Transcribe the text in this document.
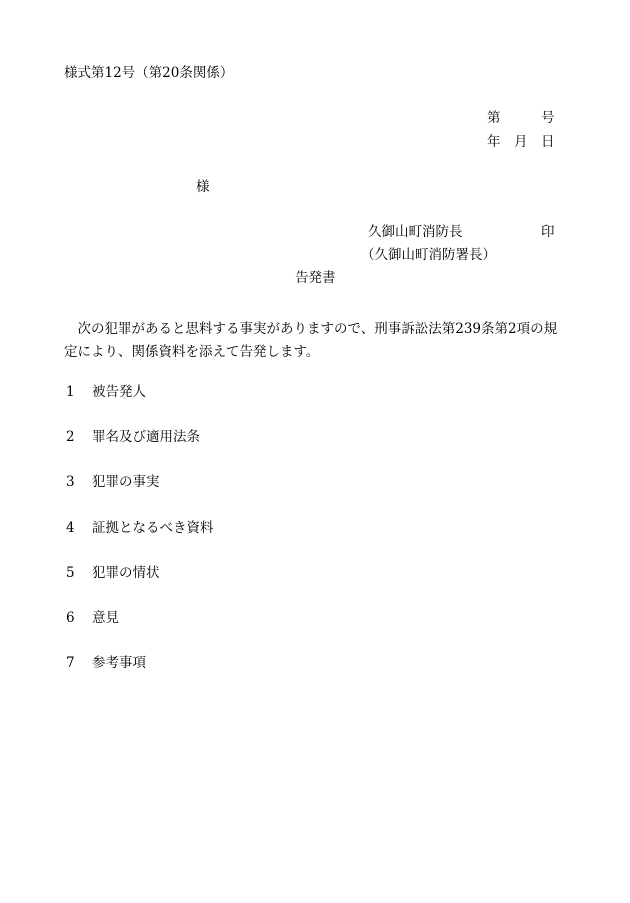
様式第12号（第20条関係）
第	号
年 月 日
様
久御山町消防長	印
（久御山町消防署長）
告発書
次の犯罪があると思料する事実がありますので、刑事訴訟法第239条第2項の規定により、関係資料を添えて告発します。
1 被告発人
2 罪名及び適用法条
3 犯罪の事実
4 証拠となるべき資料
5 犯罪の情状
6 意見
7 参考事項
